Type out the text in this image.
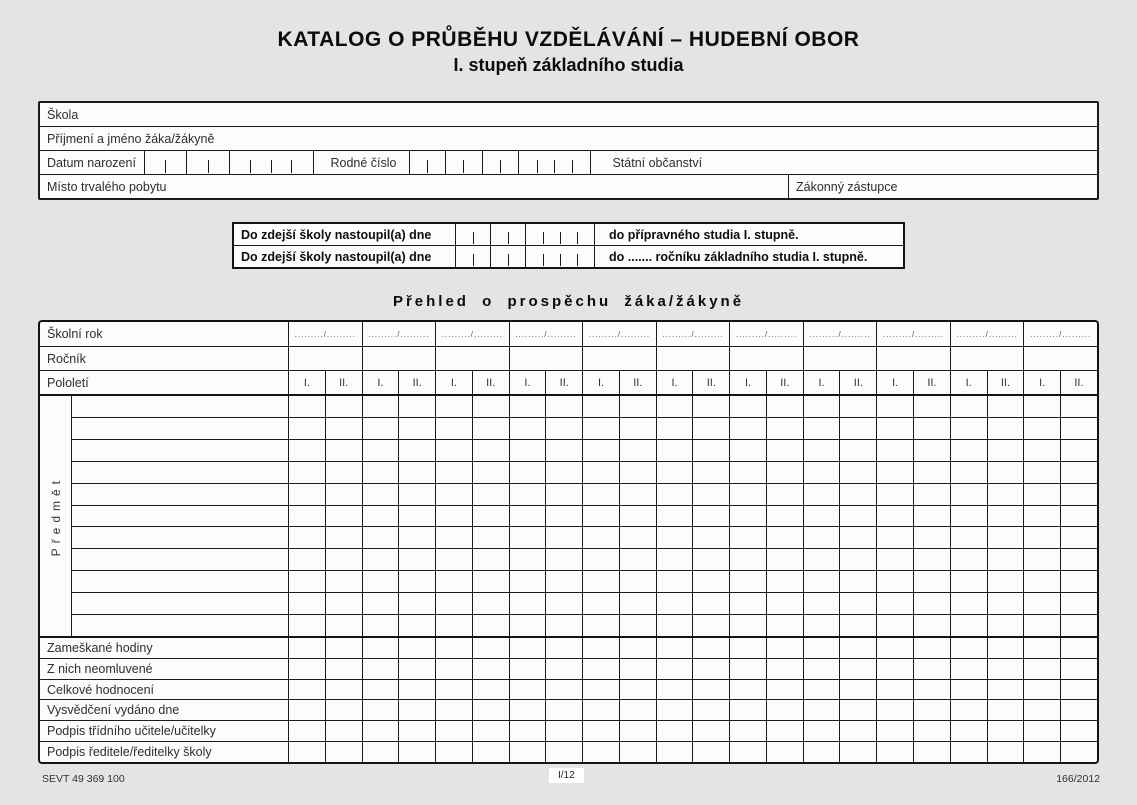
KATALOG O PRŮBĚHU VZDĚLÁVÁNÍ – HUDEBNÍ OBOR
I. stupeň základního studia
Škola
Příjmení a jméno žáka/žákyně
Datum narození	Rodné číslo	Státní občanství
Místo trvalého pobytu	Zákonný zástupce
Do zdejší školy nastoupil(a) dne	do přípravného studia I. stupně.
Do zdejší školy nastoupil(a) dne	do ....... ročníku základního studia I. stupně.
Přehled o prospěchu žáka/žákyně
Školní rok	........./.........	........./.........	........./.........	........./.........	........./.........	........./.........	........./.........	........./.........	........./.........	........./.........	........./.........
Ročník
Pololetí	I.	II.	I.	II.	I.	II.	I.	II.	I.	II.	I.	II.	I.	II.	I.	II.	I.	II.	I.	II.	I.	II.
Předmět
Zameškané hodiny
Z nich neomluvené
Celkové hodnocení
Vysvědčení vydáno dne
Podpis třídního učitele/učitelky
Podpis ředitele/ředitelky školy
SEVT 49 369 100	I/12	166/2012
